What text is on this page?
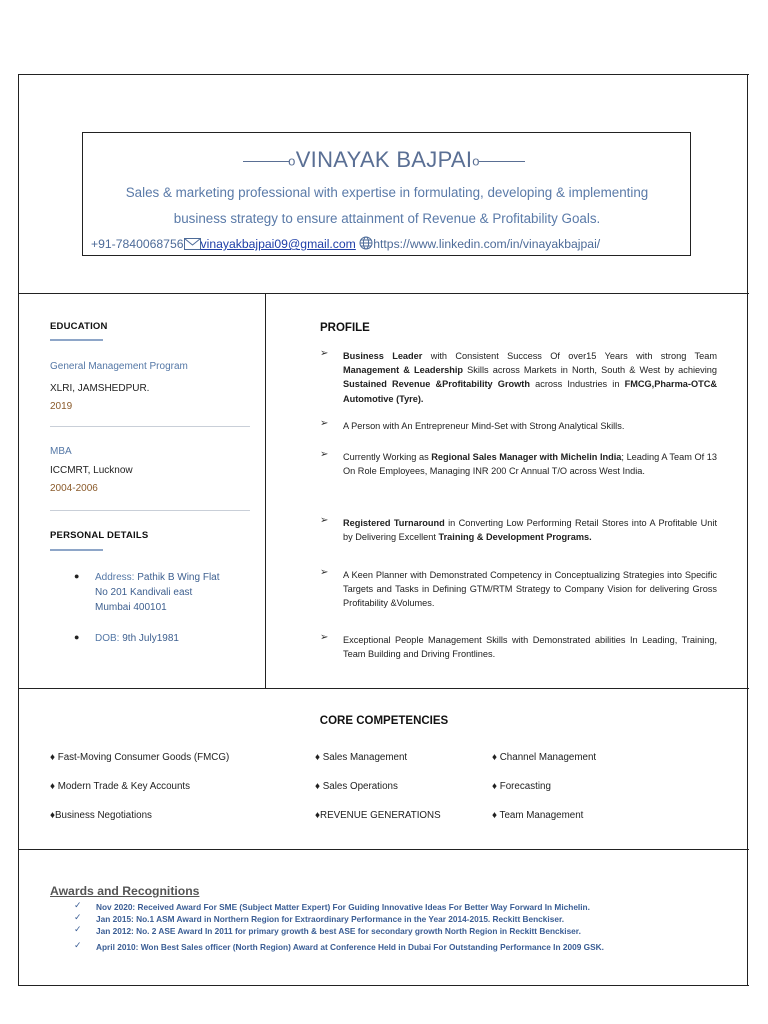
oVINAYAK BAJPAIo
Sales & marketing professional with expertise in formulating, developing & implementing
business strategy to ensure attainment of Revenue & Profitability Goals.
+91-7840068756 vinayakbajpai09@gmail.com https://www.linkedin.com/in/vinayakbajpai/
EDUCATION
General Management Program
XLRI, JAMSHEDPUR.
2019
MBA
ICCMRT, Lucknow
2004-2006
PERSONAL DETAILS
● Address: Pathik B Wing Flat
No 201 Kandivali east
Mumbai 400101
● DOB: 9th July1981
PROFILE
➢ Business Leader with Consistent Success Of over15 Years with strong Team Management & Leadership Skills across Markets in North, South & West by achieving Sustained Revenue &Profitability Growth across Industries in FMCG,Pharma-OTC& Automotive (Tyre).
➢ A Person with An Entrepreneur Mind-Set with Strong Analytical Skills.
➢ Currently Working as Regional Sales Manager with Michelin India; Leading A Team Of 13 On Role Employees, Managing INR 200 Cr Annual T/O across West India.
➢ Registered Turnaround in Converting Low Performing Retail Stores into A Profitable Unit by Delivering Excellent Training & Development Programs.
➢ A Keen Planner with Demonstrated Competency in Conceptualizing Strategies into Specific Targets and Tasks in Defining GTM/RTM Strategy to Company Vision for delivering Gross Profitability &Volumes.
➢ Exceptional People Management Skills with Demonstrated abilities In Leading, Training, Team Building and Driving Frontlines.
CORE COMPETENCIES
♦ Fast-Moving Consumer Goods (FMCG)	♦ Sales Management	♦ Channel Management
♦ Modern Trade & Key Accounts	♦ Sales Operations	♦ Forecasting
♦Business Negotiations	♦REVENUE GENERATIONS	♦ Team Management
Awards and Recognitions
✓ Nov 2020: Received Award For SME (Subject Matter Expert) For Guiding Innovative Ideas For Better Way Forward In Michelin.
✓ Jan 2015: No.1 ASM Award in Northern Region for Extraordinary Performance in the Year 2014-2015. Reckitt Benckiser.
✓ Jan 2012: No. 2 ASE Award In 2011 for primary growth & best ASE for secondary growth North Region in Reckitt Benckiser.
✓ April 2010: Won Best Sales officer (North Region) Award at Conference Held in Dubai For Outstanding Performance In 2009 GSK.
